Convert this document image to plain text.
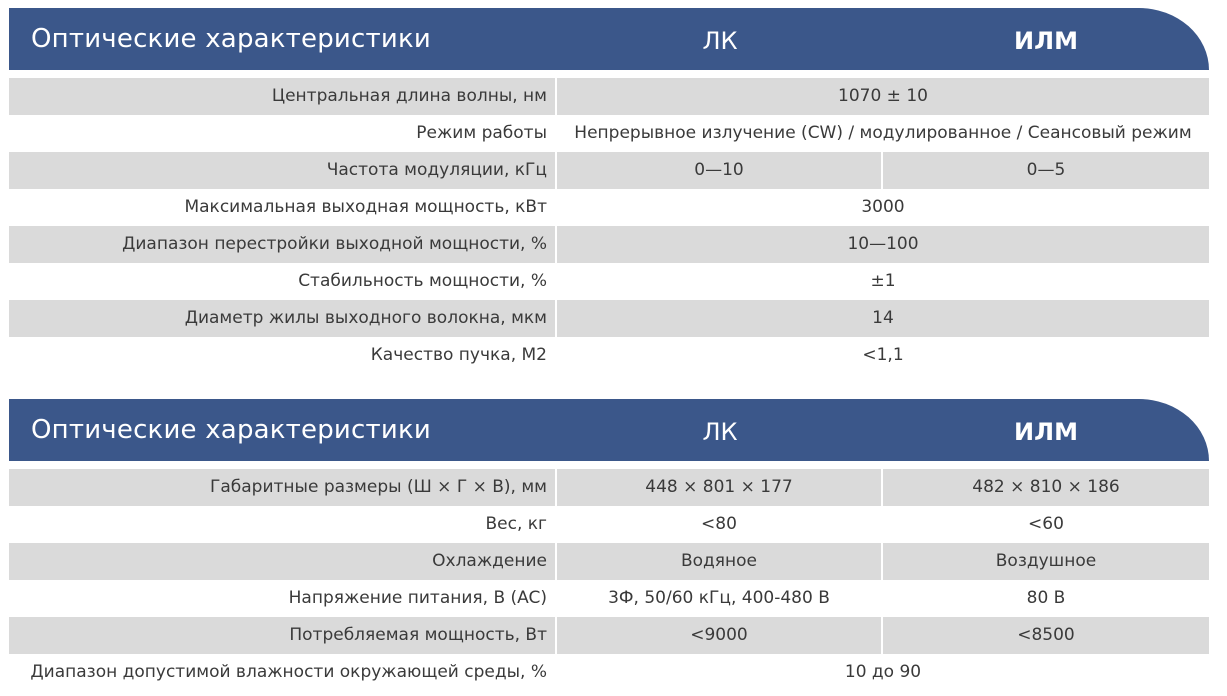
Оптические характеристики	ЛК	ИЛМ
Центральная длина волны, нм	1070 ± 10
Режим работы	Непрерывное излучение (CW) / модулированное / Сеансовый режим
Частота модуляции, кГц	0—10	0—5
Максимальная выходная мощность, кВт	3000
Диапазон перестройки выходной мощности, %	10—100
Стабильность мощности, %	±1
Диаметр жилы выходного волокна, мкм	14
Качество пучка, М2	<1,1
Оптические характеристики	ЛК	ИЛМ
Габаритные размеры (Ш × Г × В), мм	448 × 801 × 177	482 × 810 × 186
Вес, кг	<80	<60
Охлаждение	Водяное	Воздушное
Напряжение питания, В (AC)	3Ф, 50/60 кГц, 400-480 В	80 В
Потребляемая мощность, Вт	<9000	<8500
Диапазон допустимой влажности окружающей среды, %	10 до 90
